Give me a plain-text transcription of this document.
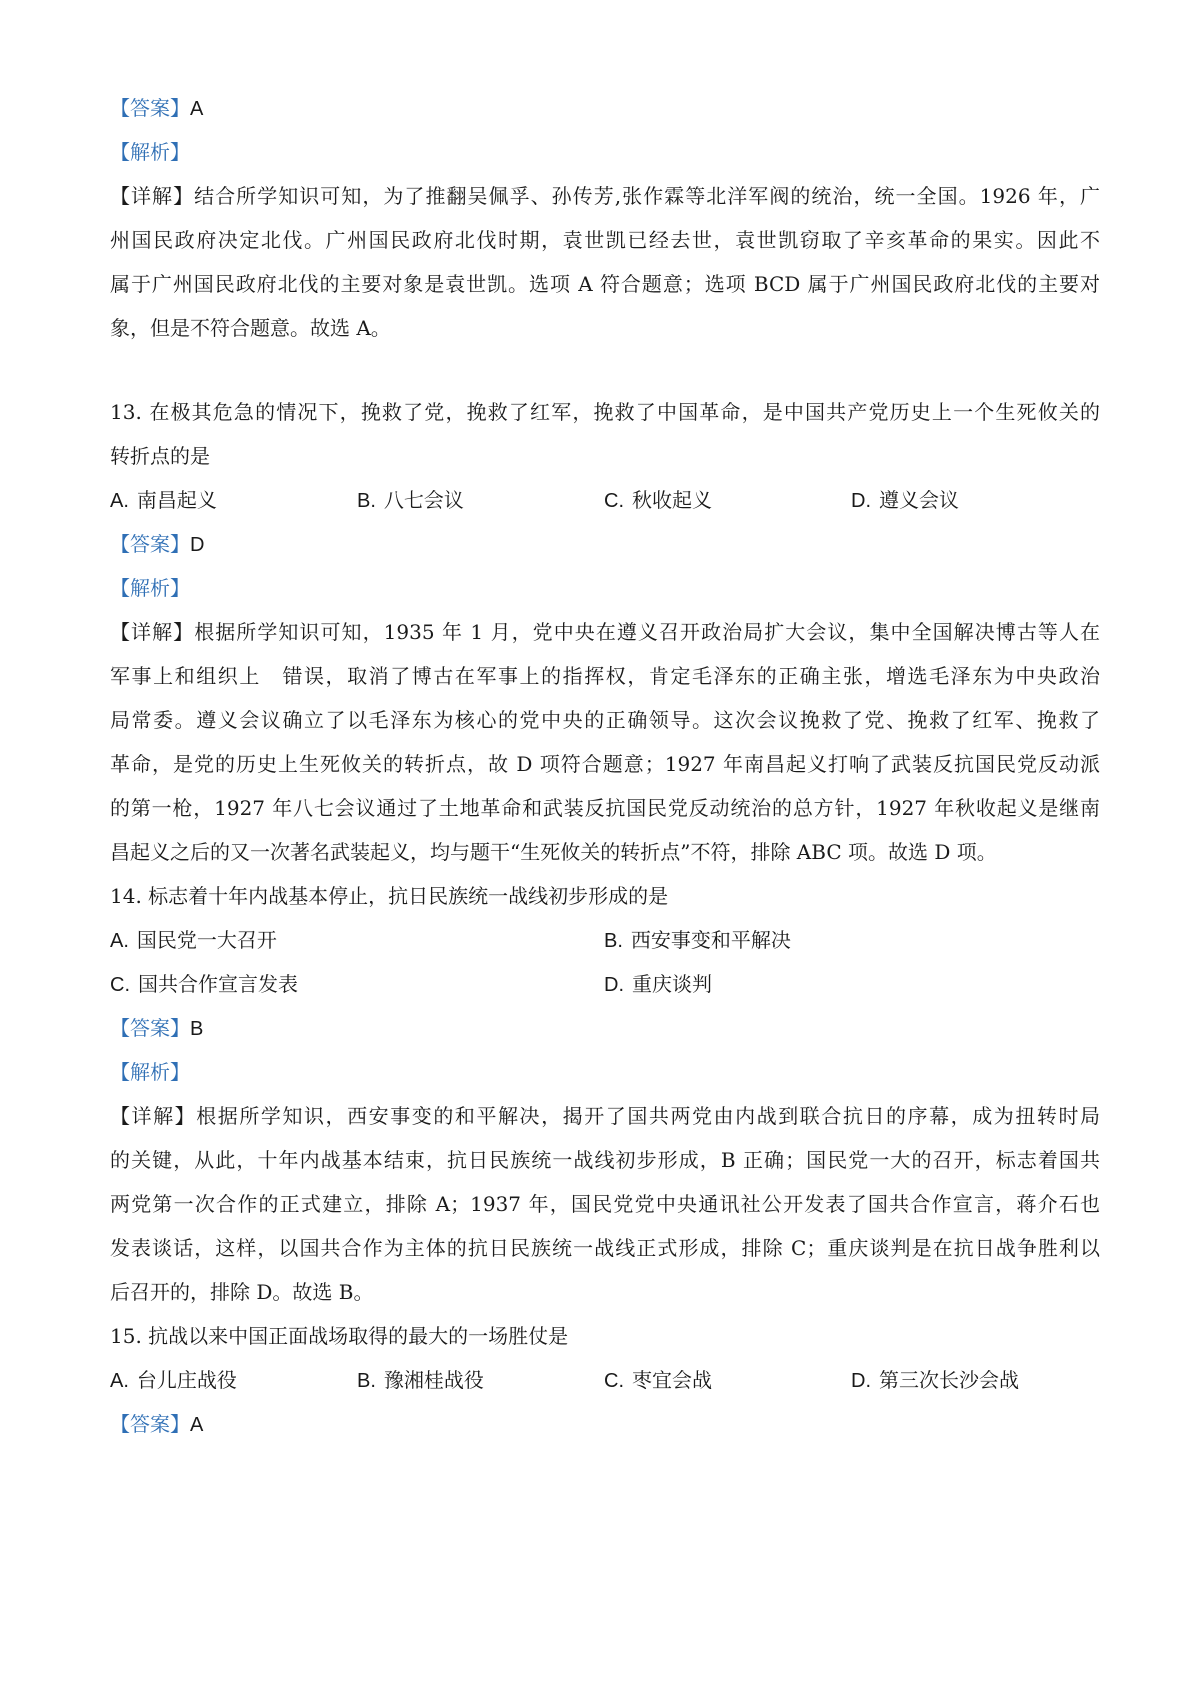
【答案】A
【解析】
【详解】结合所学知识可知，为了推翻吴佩孚、孙传芳,张作霖等北洋军阀的统治，统一全国。1926 年，广
州国民政府决定北伐。广州国民政府北伐时期，袁世凯已经去世，袁世凯窃取了辛亥革命的果实。因此不
属于广州国民政府北伐的主要对象是袁世凯。选项 A 符合题意；选项 BCD 属于广州国民政府北伐的主要对
象，但是不符合题意。故选 A。
13. 在极其危急的情况下，挽救了党，挽救了红军，挽救了中国革命，是中国共产党历史上一个生死攸关的
转折点的是
A. 南昌起义	B. 八七会议	C. 秋收起义	D. 遵义会议
【答案】D
【解析】
【详解】根据所学知识可知，1935 年 1 月，党中央在遵义召开政治局扩大会议，集中全国解决博古等人在
军事上和组织上　错误，取消了博古在军事上的指挥权，肯定毛泽东的正确主张，增选毛泽东为中央政治
局常委。遵义会议确立了以毛泽东为核心的党中央的正确领导。这次会议挽救了党、挽救了红军、挽救了
革命，是党的历史上生死攸关的转折点，故 D 项符合题意；1927 年南昌起义打响了武装反抗国民党反动派
的第一枪，1927 年八七会议通过了土地革命和武装反抗国民党反动统治的总方针，1927 年秋收起义是继南
昌起义之后的又一次著名武装起义，均与题干“生死攸关的转折点”不符，排除 ABC 项。故选 D 项。
14. 标志着十年内战基本停止，抗日民族统一战线初步形成的是
A. 国民党一大召开	B. 西安事变和平解决
C. 国共合作宣言发表	D. 重庆谈判
【答案】B
【解析】
【详解】根据所学知识，西安事变的和平解决，揭开了国共两党由内战到联合抗日的序幕，成为扭转时局
的关键，从此，十年内战基本结束，抗日民族统一战线初步形成，B 正确；国民党一大的召开，标志着国共
两党第一次合作的正式建立，排除 A；1937 年，国民党党中央通讯社公开发表了国共合作宣言，蒋介石也
发表谈话，这样，以国共合作为主体的抗日民族统一战线正式形成，排除 C；重庆谈判是在抗日战争胜利以
后召开的，排除 D。故选 B。
15. 抗战以来中国正面战场取得的最大的一场胜仗是
A. 台儿庄战役	B. 豫湘桂战役	C. 枣宜会战	D. 第三次长沙会战
【答案】A
